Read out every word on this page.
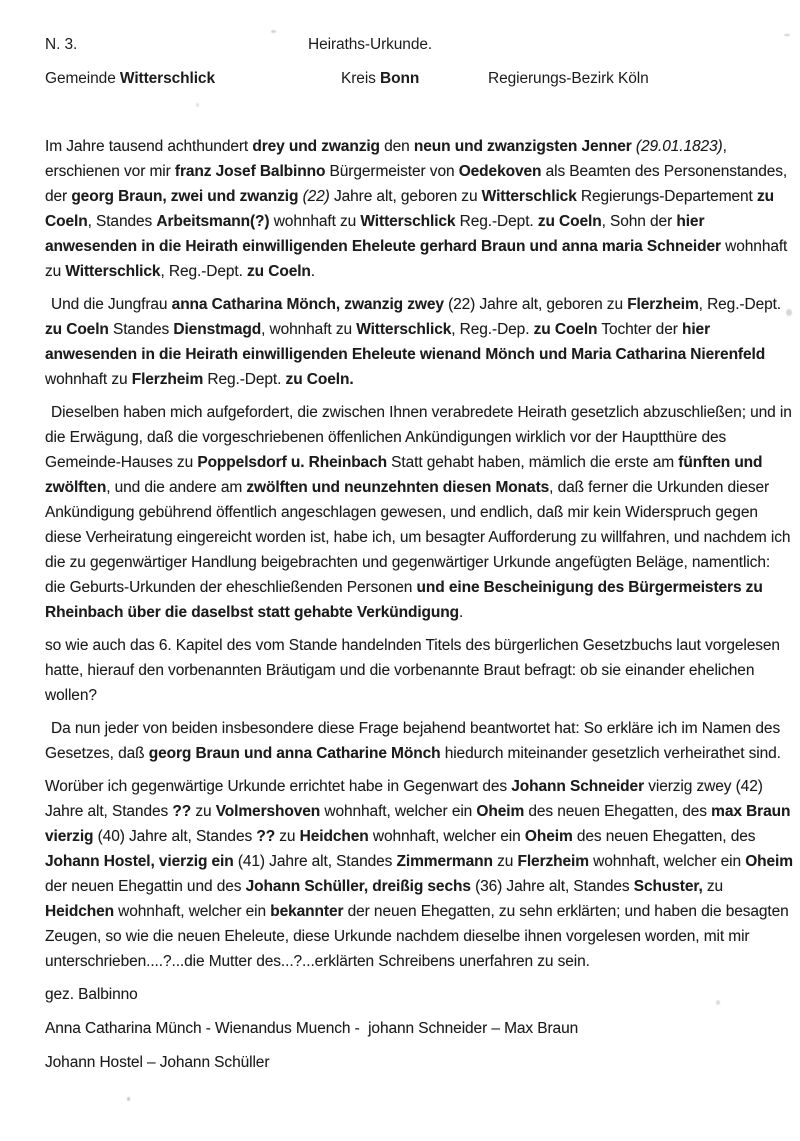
N. 3.	Heiraths-Urkunde.
Gemeinde Witterschlick	Kreis Bonn	Regierungs-Bezirk Köln

Im Jahre tausend achthundert drey und zwanzig den neun und zwanzigsten Jenner (29.01.1823), erschienen vor mir franz Josef Balbinno Bürgermeister von Oedekoven als Beamten des Personenstandes, der georg Braun, zwei und zwanzig (22) Jahre alt, geboren zu Witterschlick Regierungs-Departement zu Coeln, Standes Arbeitsmann(?) wohnhaft zu Witterschlick Reg.-Dept. zu Coeln, Sohn der hier anwesenden in die Heirath einwilligenden Eheleute gerhard Braun und anna maria Schneider wohnhaft zu Witterschlick, Reg.-Dept. zu Coeln.

Und die Jungfrau anna Catharina Mönch, zwanzig zwey (22) Jahre alt, geboren zu Flerzheim, Reg.-Dept. zu Coeln Standes Dienstmagd, wohnhaft zu Witterschlick, Reg.-Dep. zu Coeln Tochter der hier anwesenden in die Heirath einwilligenden Eheleute wienand Mönch und Maria Catharina Nierenfeld wohnhaft zu Flerzheim Reg.-Dept. zu Coeln.

Dieselben haben mich aufgefordert, die zwischen Ihnen verabredete Heirath gesetzlich abzuschließen; und in die Erwägung, daß die vorgeschriebenen öffenlichen Ankündigungen wirklich vor der Hauptthüre des Gemeinde-Hauses zu Poppelsdorf u. Rheinbach Statt gehabt haben, mämlich die erste am fünften und zwölften, und die andere am zwölften und neunzehnten diesen Monats, daß ferner die Urkunden dieser Ankündigung gebührend öffentlich angeschlagen gewesen, und endlich, daß mir kein Widerspruch gegen diese Verheiratung eingereicht worden ist, habe ich, um besagter Aufforderung zu willfahren, und nachdem ich die zu gegenwärtiger Handlung beigebrachten und gegenwärtiger Urkunde angefügten Beläge, namentlich: die Geburts-Urkunden der eheschließenden Personen und eine Bescheinigung des Bürgermeisters zu Rheinbach über die daselbst statt gehabte Verkündigung.

so wie auch das 6. Kapitel des vom Stande handelnden Titels des bürgerlichen Gesetzbuchs laut vorgelesen hatte, hierauf den vorbenannten Bräutigam und die vorbenannte Braut befragt: ob sie einander ehelichen wollen?

Da nun jeder von beiden insbesondere diese Frage bejahend beantwortet hat: So erkläre ich im Namen des Gesetzes, daß georg Braun und anna Catharine Mönch hiedurch miteinander gesetzlich verheirathet sind.

Worüber ich gegenwärtige Urkunde errichtet habe in Gegenwart des Johann Schneider vierzig zwey (42) Jahre alt, Standes ?? zu Volmershoven wohnhaft, welcher ein Oheim des neuen Ehegatten, des max Braun vierzig (40) Jahre alt, Standes ?? zu Heidchen wohnhaft, welcher ein Oheim des neuen Ehegatten, des Johann Hostel, vierzig ein (41) Jahre alt, Standes Zimmermann zu Flerzheim wohnhaft, welcher ein Oheim der neuen Ehegattin und des Johann Schüller, dreißig sechs (36) Jahre alt, Standes Schuster, zu Heidchen wohnhaft, welcher ein bekannter der neuen Ehegatten, zu sehn erklärten; und haben die besagten Zeugen, so wie die neuen Eheleute, diese Urkunde nachdem dieselbe ihnen vorgelesen worden, mit mir unterschrieben....?...die Mutter des...?...erklärten Schreibens unerfahren zu sein.

gez. Balbinno

Anna Catharina Münch - Wienandus Muench -  johann Schneider – Max Braun

Johann Hostel – Johann Schüller
